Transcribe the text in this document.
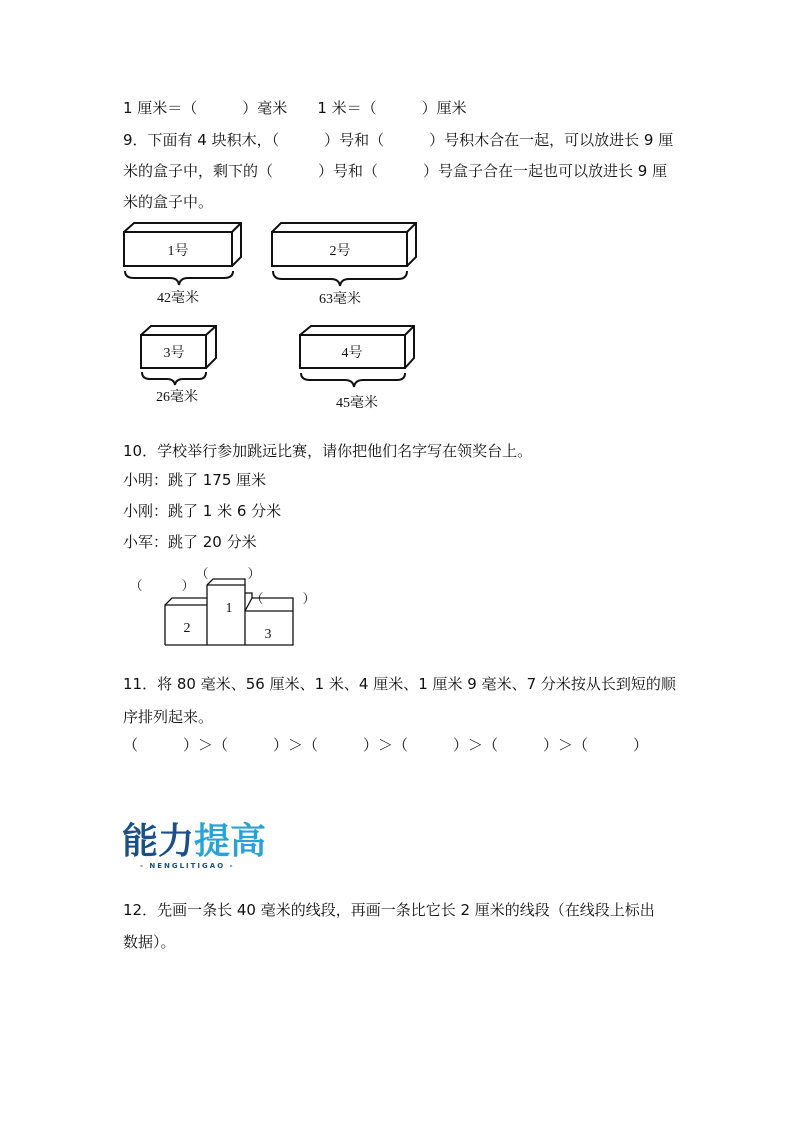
1 厘米＝（　　　）毫米　　1 米＝（　　　）厘米
9．下面有 4 块积木，（　　　）号和（　　　）号积木合在一起，可以放进长 9 厘
米的盒子中，剩下的（　　　）号和（　　　）号盒子合在一起也可以放进长 9 厘
米的盒子中。
1号
42毫米
2号
63毫米
3号
26毫米
4号
45毫米
10．学校举行参加跳远比赛，请你把他们名字写在领奖台上。
小明：跳了 175 厘米
小刚：跳了 1 米 6 分米
小军：跳了 20 分米
1
2	3
（　　　）
（　　　）
（　　　）
11．将 80 毫米、56 厘米、1 米、4 厘米、1 厘米 9 毫米、7 分米按从长到短的顺
序排列起来。
（　　　）＞（　　　）＞（　　　）＞（　　　）＞（　　　）＞（　　　）
能力提高
- NENGLITIGAO -
12．先画一条长 40 毫米的线段，再画一条比它长 2 厘米的线段（在线段上标出
数据）。
